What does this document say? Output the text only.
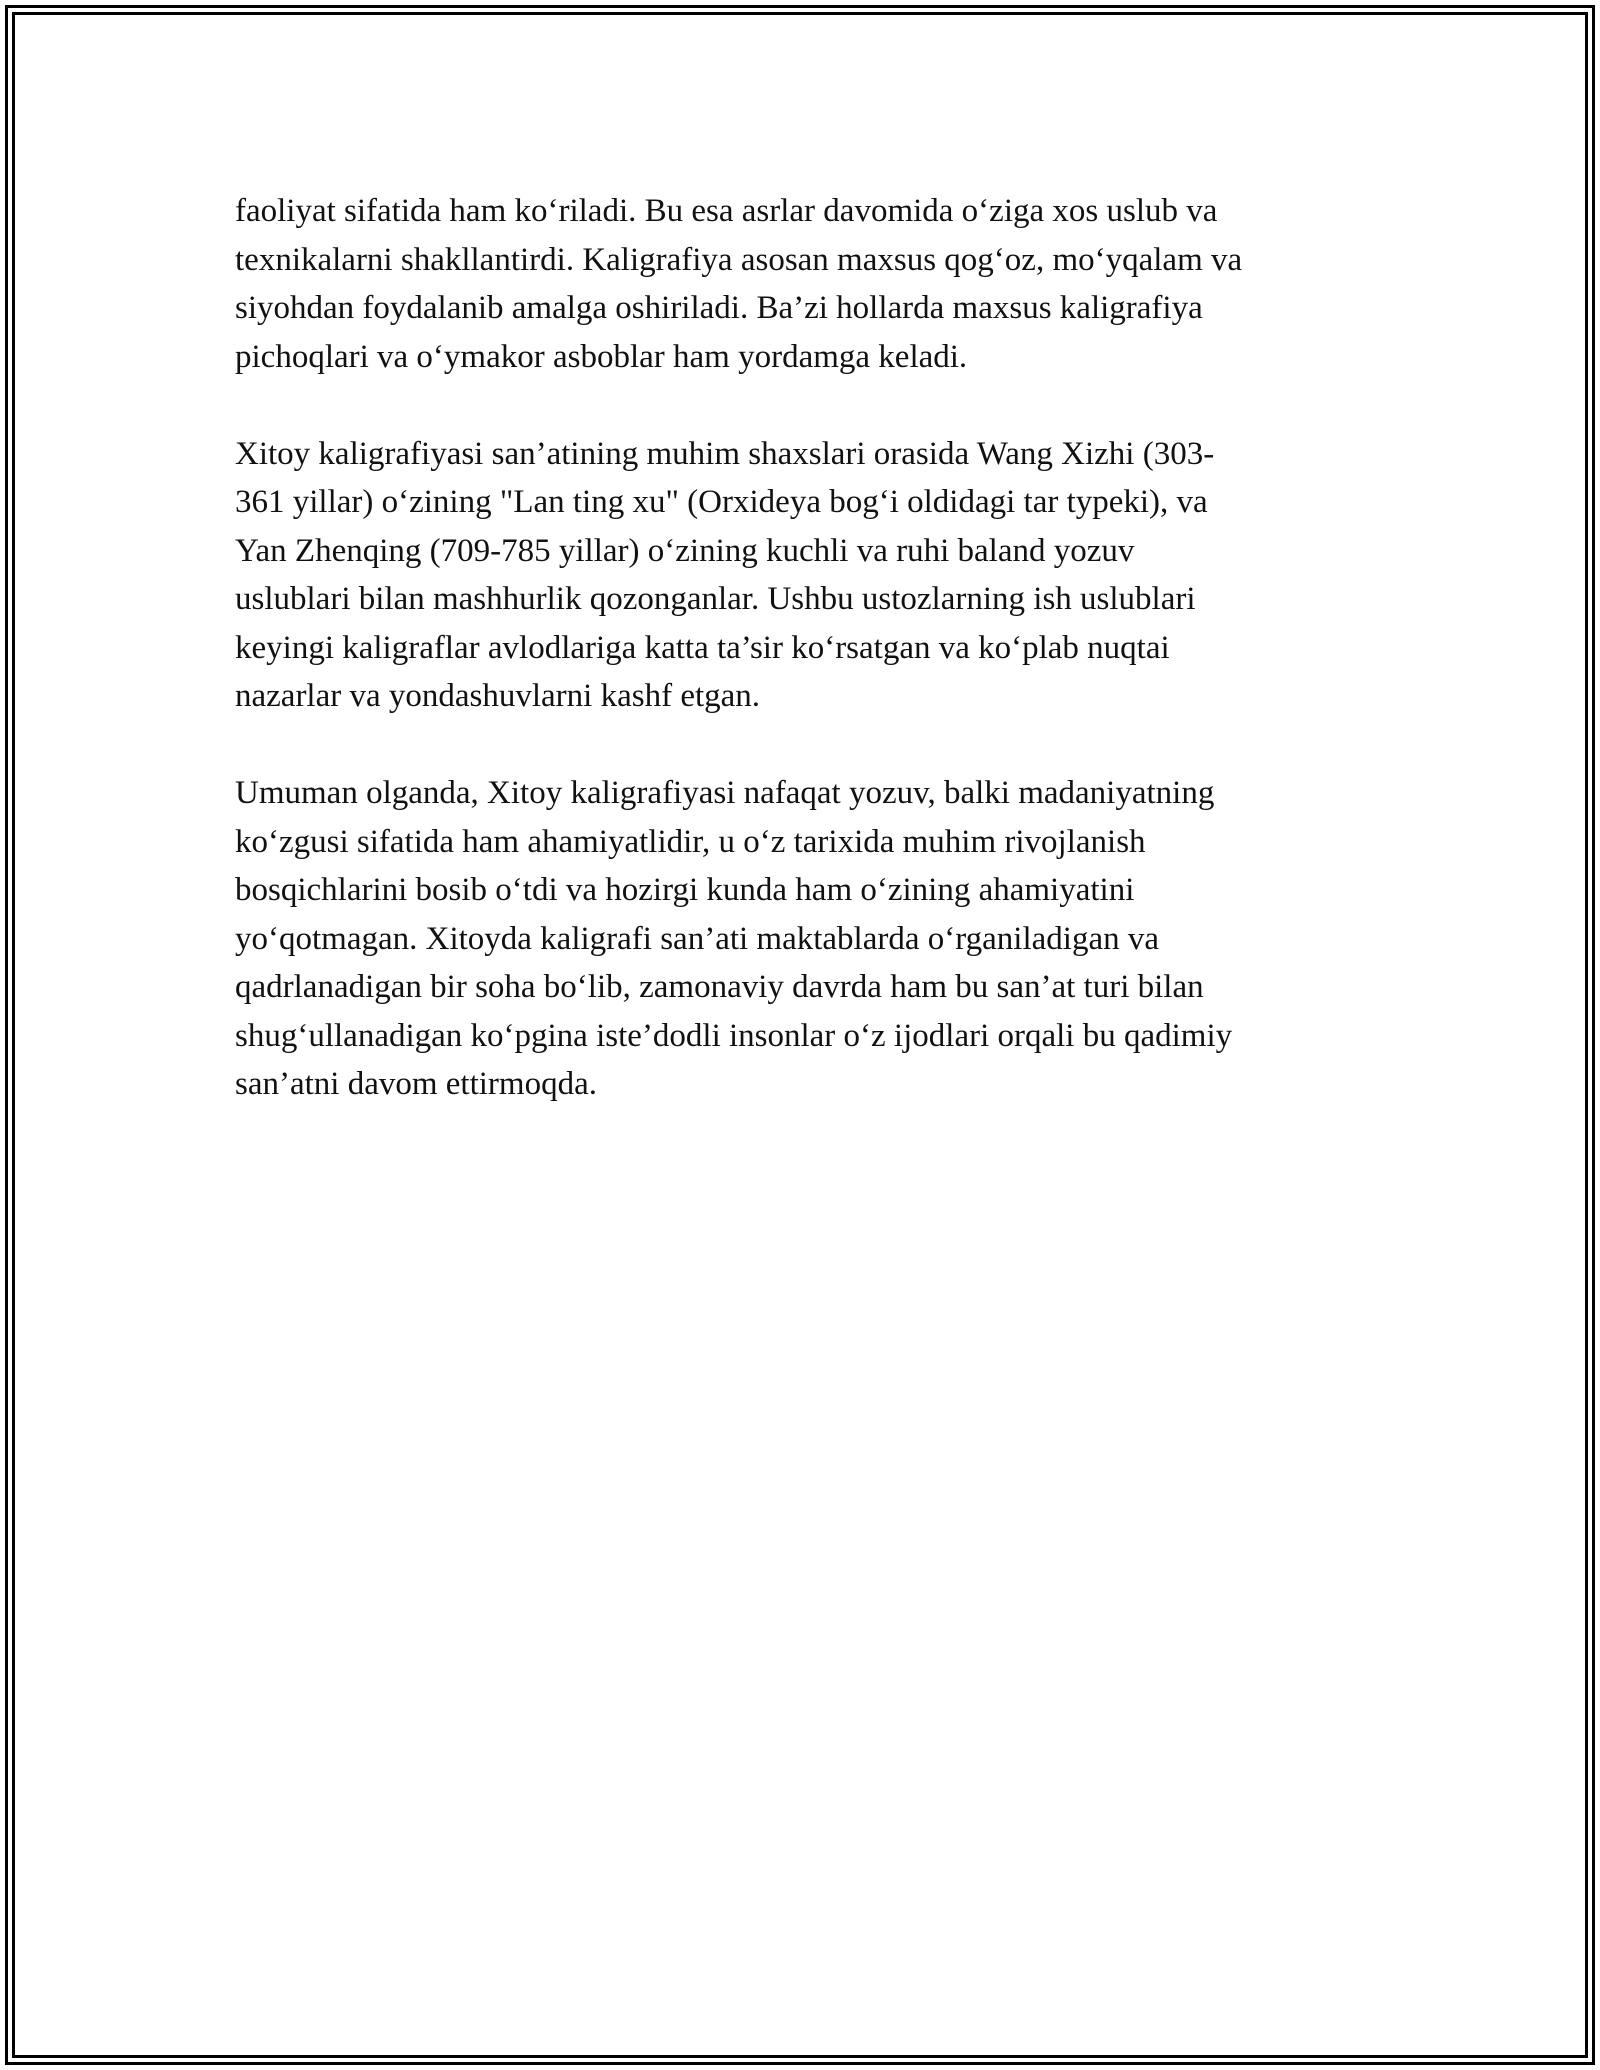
faoliyat sifatida ham ko‘riladi. Bu esa asrlar davomida o‘ziga xos uslub va
texnikalarni shakllantirdi. Kaligrafiya asosan maxsus qog‘oz, mo‘yqalam va
siyohdan foydalanib amalga oshiriladi. Ba’zi hollarda maxsus kaligrafiya
pichoqlari va o‘ymakor asboblar ham yordamga keladi.

Xitoy kaligrafiyasi san’atining muhim shaxslari orasida Wang Xizhi (303-
361 yillar) o‘zining "Lan ting xu" (Orxideya bog‘i oldidagi tar typeki), va
Yan Zhenqing (709-785 yillar) o‘zining kuchli va ruhi baland yozuv
uslublari bilan mashhurlik qozonganlar. Ushbu ustozlarning ish uslublari
keyingi kaligraflar avlodlariga katta ta’sir ko‘rsatgan va ko‘plab nuqtai
nazarlar va yondashuvlarni kashf etgan.

Umuman olganda, Xitoy kaligrafiyasi nafaqat yozuv, balki madaniyatning
ko‘zgusi sifatida ham ahamiyatlidir, u o‘z tarixida muhim rivojlanish
bosqichlarini bosib o‘tdi va hozirgi kunda ham o‘zining ahamiyatini
yo‘qotmagan. Xitoyda kaligrafi san’ati maktablarda o‘rganiladigan va
qadrlanadigan bir soha bo‘lib, zamonaviy davrda ham bu san’at turi bilan
shug‘ullanadigan ko‘pgina iste’dodli insonlar o‘z ijodlari orqali bu qadimiy
san’atni davom ettirmoqda.
